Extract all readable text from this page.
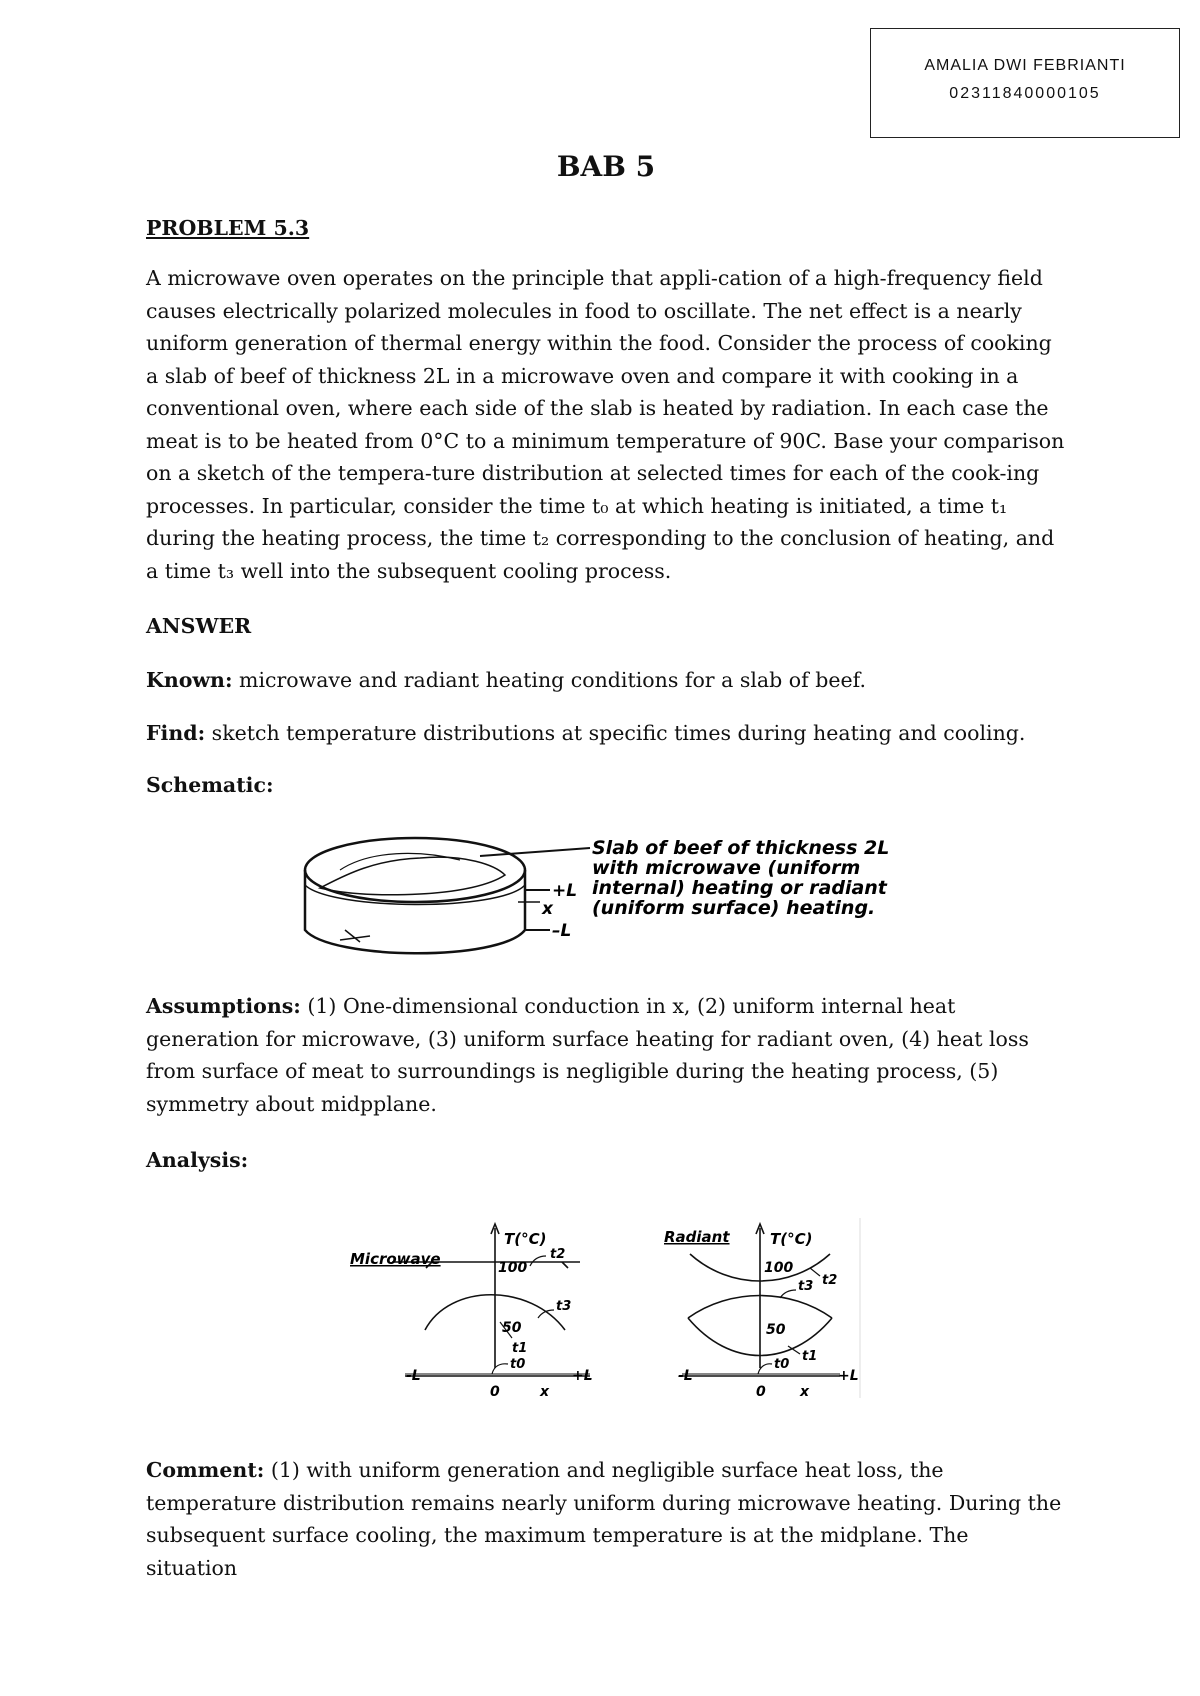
AMALIA DWI FEBRIANTI
02311840000105
BAB 5
PROBLEM 5.3
A microwave oven operates on the principle that appli-cation of a high-frequency field causes electrically polarized molecules in food to oscillate. The net effect is a nearly uniform generation of thermal energy within the food. Consider the process of cooking a slab of beef of thickness 2L in a microwave oven and compare it with cooking in a conventional oven, where each side of the slab is heated by radiation. In each case the meat is to be heated from 0°C to a minimum temperature of 90C. Base your comparison on a sketch of the tempera-ture distribution at selected times for each of the cook-ing processes. In particular, consider the time t₀ at which heating is initiated, a time t₁ during the heating process, the time t₂ corresponding to the conclusion of heating, and a time t₃ well into the subsequent cooling process.
ANSWER
Known: microwave and radiant heating conditions for a slab of beef.
Find: sketch temperature distributions at specific times during heating and cooling.
Schematic:
Assumptions: (1) One-dimensional conduction in x, (2) uniform internal heat generation for microwave, (3) uniform surface heating for radiant oven, (4) heat loss from surface of meat to surroundings is negligible during the heating process, (5) symmetry about midpplane.
Analysis:
Comment: (1) with uniform generation and negligible surface heat loss, the temperature distribution remains nearly uniform during microwave heating. During the subsequent surface cooling, the maximum temperature is at the midplane. The situation
+L
x
–L
Slab of beef of thickness 2L
with microwave (uniform
internal) heating or radiant
(uniform surface) heating.
Microwave
T(°C)
100
50
-L	+L
0	x
t2
t3
t1
t0
Radiant	T(°C)
100
50
-L	+L
0 x
t2
t3
t1
t0
